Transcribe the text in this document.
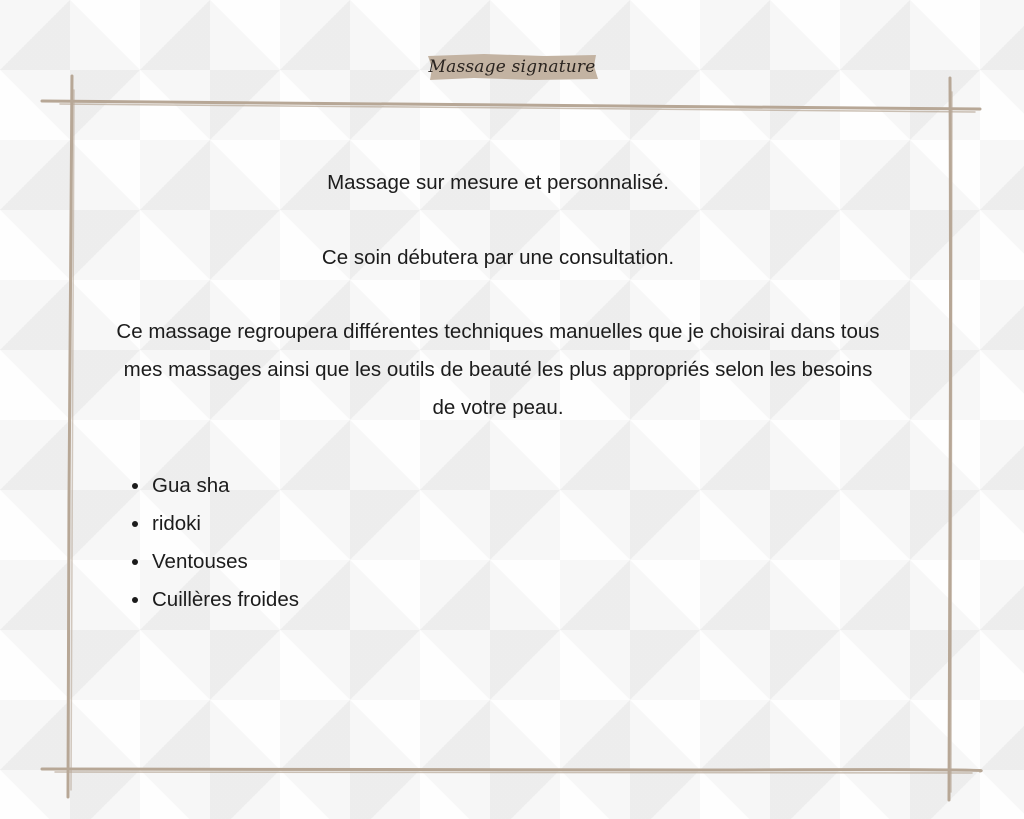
Massage signature

Massage sur mesure et personnalisé.

Ce soin débutera par une consultation.

Ce massage regroupera différentes techniques manuelles que je choisirai dans tous mes massages ainsi que les outils de beauté les plus appropriés selon les besoins de votre peau.

Gua sha
ridoki
Ventouses
Cuillères froides
